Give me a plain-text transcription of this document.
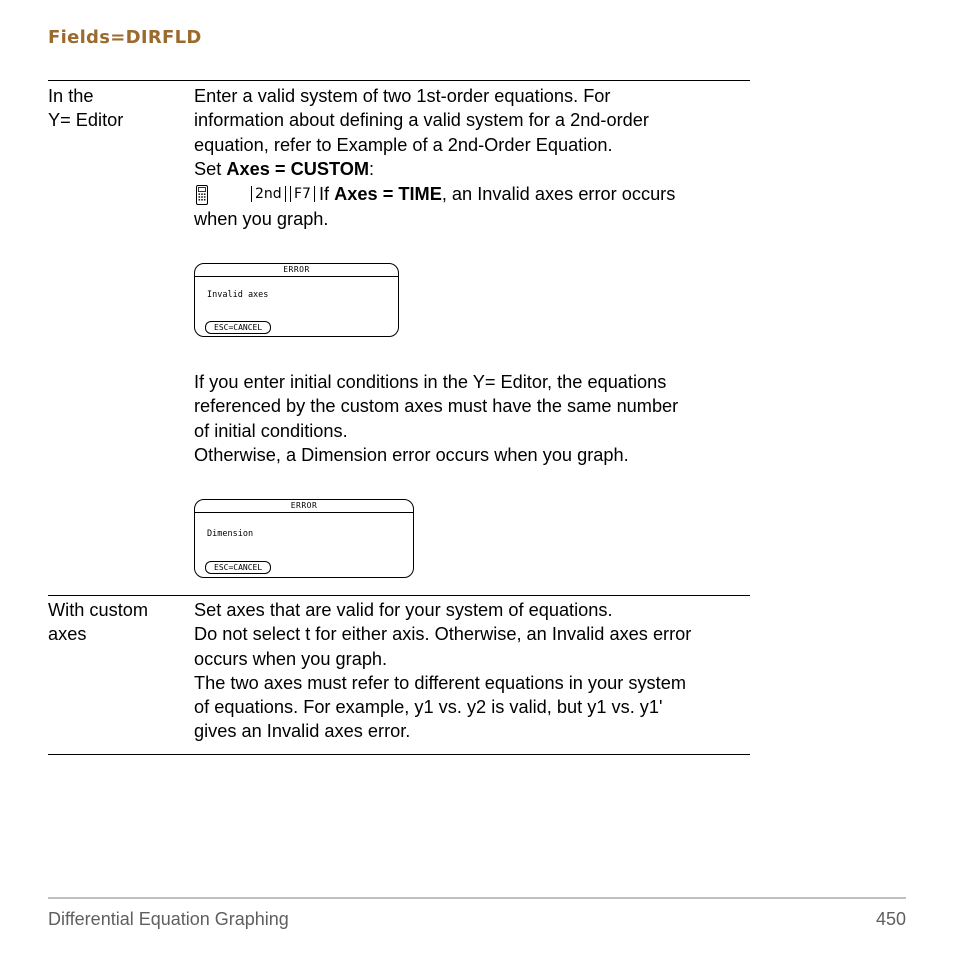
Fields=DIRFLD
In the
Y= Editor
Enter a valid system of two 1st-order equations. For
information about defining a valid system for a 2nd-order
equation, refer to Example of a 2nd-Order Equation.
Set Axes = CUSTOM:
2nd F7 If Axes = TIME, an Invalid axes error occurs
when you graph.
ERROR
Invalid axes
ESC=CANCEL
If you enter initial conditions in the Y= Editor, the equations
referenced by the custom axes must have the same number
of initial conditions.
Otherwise, a Dimension error occurs when you graph.
ERROR
Dimension
ESC=CANCEL
With custom
axes
Set axes that are valid for your system of equations.
Do not select t for either axis. Otherwise, an Invalid axes error
occurs when you graph.
The two axes must refer to different equations in your system
of equations. For example, y1 vs. y2 is valid, but y1 vs. y1'
gives an Invalid axes error.
Differential Equation Graphing	450
